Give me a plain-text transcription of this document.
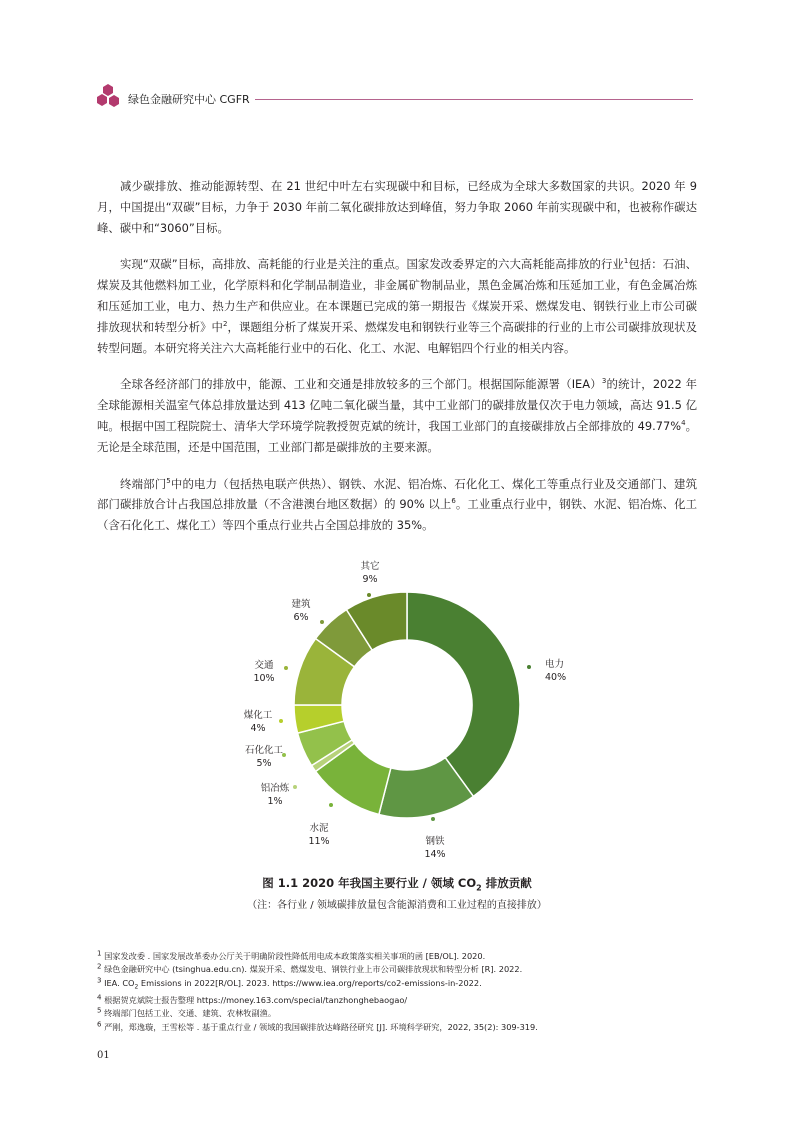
绿色金融研究中心 CGFR

减少碳排放、推动能源转型、在 21 世纪中叶左右实现碳中和目标，已经成为全球大多数国家的共识。2020 年 9 月，中国提出“双碳”目标，力争于 2030 年前二氧化碳排放达到峰值，努力争取 2060 年前实现碳中和，也被称作碳达峰、碳中和“3060”目标。

实现“双碳”目标，高排放、高耗能的行业是关注的重点。国家发改委界定的六大高耗能高排放的行业$^1$包括：石油、煤炭及其他燃料加工业，化学原料和化学制品制造业，非金属矿物制品业，黑色金属冶炼和压延加工业，有色金属冶炼和压延加工业，电力、热力生产和供应业。在本课题已完成的第一期报告《煤炭开采、燃煤发电、钢铁行业上市公司碳排放现状和转型分析》中$^2$，课题组分析了煤炭开采、燃煤发电和钢铁行业等三个高碳排的行业的上市公司碳排放现状及转型问题。本研究将关注六大高耗能行业中的石化、化工、水泥、电解铝四个行业的相关内容。

全球各经济部门的排放中，能源、工业和交通是排放较多的三个部门。根据国际能源署（IEA）$^3$的统计，2022 年全球能源相关温室气体总排放量达到 413 亿吨二氧化碳当量，其中工业部门的碳排放量仅次于电力领域，高达 91.5 亿吨。根据中国工程院院士、清华大学环境学院教授贺克斌的统计，我国工业部门的直接碳排放占全部排放的 49.77%$^4$。无论是全球范围，还是中国范围，工业部门都是碳排放的主要来源。

终端部门$^5$中的电力（包括热电联产供热）、钢铁、水泥、铝冶炼、石化化工、煤化工等重点行业及交通部门、建筑部门碳排放合计占我国总排放量（不含港澳台地区数据）的 90% 以上$^6$。工业重点行业中，钢铁、水泥、铝冶炼、化工（含石化化工、煤化工）等四个重点行业共占全国总排放的 35%。

电力
40%
钢铁
14%
水泥
11%
铝冶炼
1%
石化化工
5%
煤化工
4%
交通
10%
建筑
6%
其它
9%
图 1.1 2020 年我国主要行业 / 领域 $CO_2$ 排放贡献
（注：各行业 / 领域碳排放量包含能源消费和工业过程的直接排放）
$^1$ 国家发改委 . 国家发展改革委办公厅关于明确阶段性降低用电成本政策落实相关事项的函 [EB/OL]. 2020.
$^2$ 绿色金融研究中心 (tsinghua.edu.cn). 煤炭开采、燃煤发电、钢铁行业上市公司碳排放现状和转型分析 [R]. 2022.
$^3$ IEA. $CO_2$ Emissions in 2022[R/OL]. 2023. https://www.iea.org/reports/co2-emissions-in-2022.
$^4$ 根据贺克斌院士报告整理 https://money.163.com/special/tanzhonghebaogao/
$^5$ 终端部门包括工业、交通、建筑、农林牧副渔。
$^6$ 严刚，郑逸璇，王雪松等 . 基于重点行业 / 领域的我国碳排放达峰路径研究 [J]. 环境科学研究，2022, 35(2): 309-319.
01
